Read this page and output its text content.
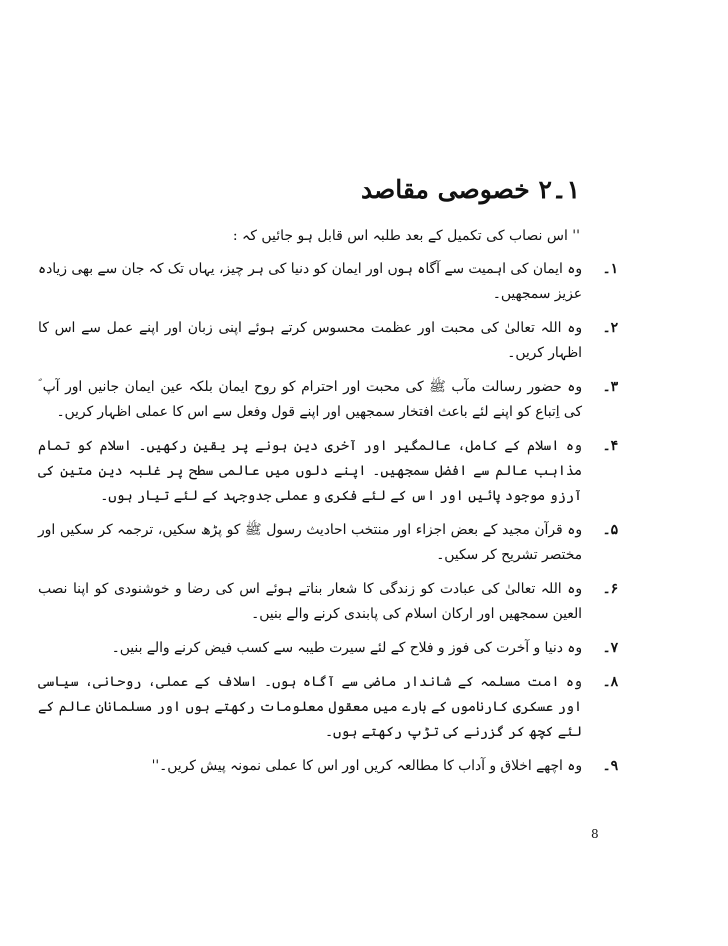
۱۔۲ خصوصی مقاصد

'' اس نصاب کی تکمیل کے بعد طلبہ اس قابل ہو جائیں کہ :

۱۔
وہ ایمان کی اہمیت سے آگاہ ہوں اور ایمان کو دنیا کی ہر چیز، یہاں تک کہ جان سے بھی زیادہ عزیز سمجھیں۔
۲۔
وہ اللہ تعالیٰ کی محبت اور عظمت محسوس کرتے ہوئے اپنی زبان اور اپنے عمل سے اس کا اظہار کریں۔
۳۔
وہ حضور رسالت مآب ﷺ کی محبت اور احترام کو روح ایمان بلکہ عین ایمان جانیں اور آپ ؐ کی اِتباع کو اپنے لئے باعث افتخار سمجھیں اور اپنے قول وفعل سے اس کا عملی اظہار کریں۔
۴۔
وہ اسلام کے کامل، عالمگیر اور آخری دین ہونے پر یقین رکھیں۔ اسلام کو تمام مذاہب عالم سے افضل سمجھیں۔ اپنے دلوں میں عالمی سطح پر غلبہ دین متین کی آرزو موجود پائیں اور اس کے لئے فکری و عملی جدوجہد کے لئے تیار ہوں۔
۵۔
وہ قرآن مجید کے بعض اجزاء اور منتخب احادیث رسول ﷺ کو پڑھ سکیں، ترجمہ کر سکیں اور مختصر تشریح کر سکیں۔
۶۔
وہ اللہ تعالیٰ کی عبادت کو زندگی کا شعار بناتے ہوئے اس کی رضا و خوشنودی کو اپنا نصب العین سمجھیں اور ارکان اسلام کی پابندی کرنے والے بنیں۔
۷۔
وہ دنیا و آخرت کی فوز و فلاح کے لئے سیرت طیبہ سے کسب فیض کرنے والے بنیں۔
۸۔
وہ امت مسلمہ کے شاندار ماضی سے آگاہ ہوں۔ اسلاف کے عملی، روحانی، سیاسی اور عسکری کارناموں کے بارے میں معقول معلومات رکھتے ہوں اور مسلمانان عالم کے لئے کچھ کر گزرنے کی تڑپ رکھتے ہوں۔
۹۔
وہ اچھے اخلاق و آداب کا مطالعہ کریں اور اس کا عملی نمونہ پیش کریں۔''
8
